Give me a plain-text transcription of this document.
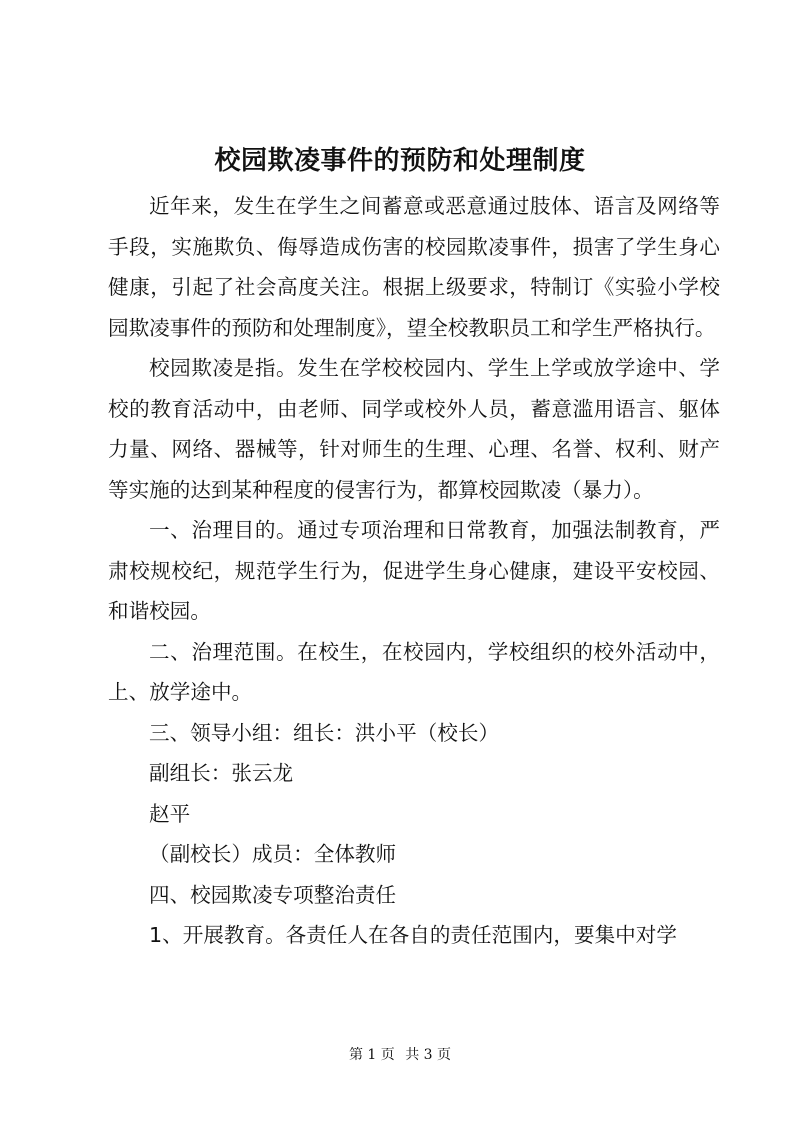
校园欺凌事件的预防和处理制度

近年来，发生在学生之间蓄意或恶意通过肢体、语言及网络等手段，实施欺负、侮辱造成伤害的校园欺凌事件，损害了学生身心健康，引起了社会高度关注。根据上级要求，特制订《实验小学校园欺凌事件的预防和处理制度》，望全校教职员工和学生严格执行。

校园欺凌是指。发生在学校校园内、学生上学或放学途中、学校的教育活动中，由老师、同学或校外人员，蓄意滥用语言、躯体力量、网络、器械等，针对师生的生理、心理、名誉、权利、财产等实施的达到某种程度的侵害行为，都算校园欺凌（暴力）。

一、治理目的。通过专项治理和日常教育，加强法制教育，严肃校规校纪，规范学生行为，促进学生身心健康，建设平安校园、和谐校园。

二、治理范围。在校生，在校园内，学校组织的校外活动中，上、放学途中。

三、领导小组：组长：洪小平（校长）

副组长：张云龙

赵平

（副校长）成员：全体教师

四、校园欺凌专项整治责任

1、开展教育。各责任人在各自的责任范围内，要集中对学

第 1 页 共 3 页
